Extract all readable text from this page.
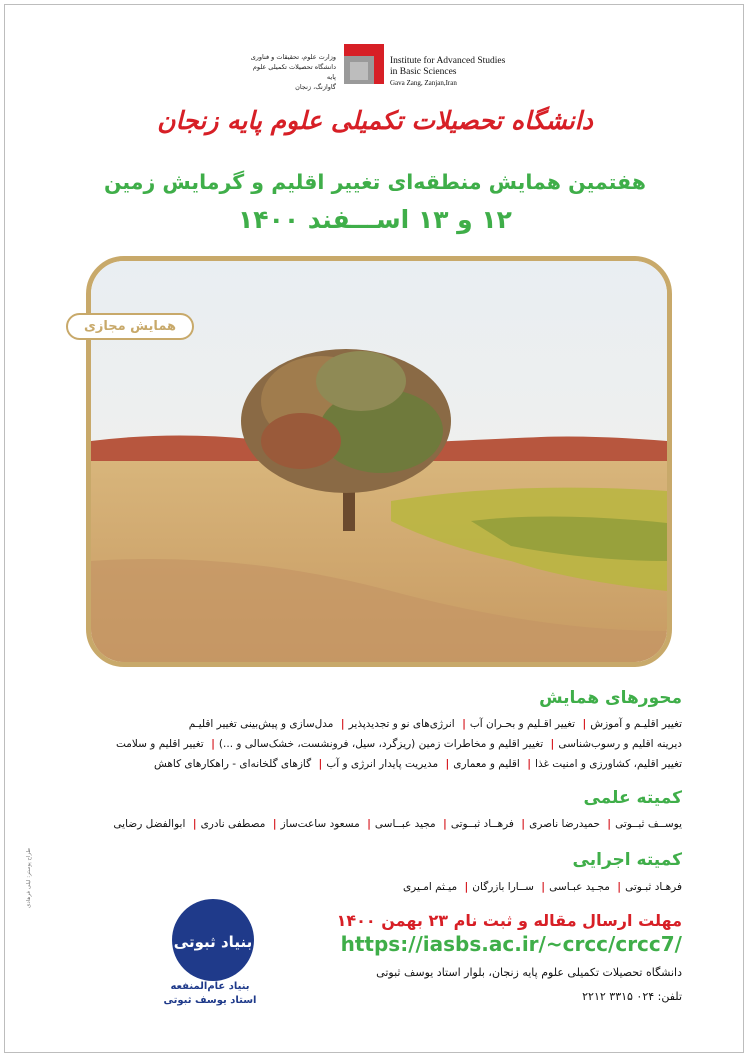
وزارت علوم، تحقیقات و فناوری
دانشگاه تحصیلات تکمیلی علوم پایه
گاوازنگ، زنجان
Institute for Advanced Studies
in Basic Sciences
Gava Zang, Zanjan,Iran
دانشگاه تحصیلات تکمیلی علوم پایه زنجان
هفتمین همایش منطقه‌ای تغییر اقلیم و گرمایش زمین
۱۲ و ۱۳ اســـفند ۱۴۰۰
همایش مجازی
محورهای همایش
تغییر اقلیـم و آموزش| تغییر اقـلیم و بحـران آب| انرژی‌های نو و تجدیدپذیر| مدل‌سازی و پیش‌بینی تغییر اقلیـم
دیرینه اقلیم و رسوب‌شناسی| تغییر اقلیم و مخاطرات زمین (ریزگرد، سیل، فرونشست، خشک‌سالی و ...)| تغییر اقلیم و سلامت
تغییر اقلیم، کشاورزی و امنیت غذا| اقلیم و معماری| مدیریت پایدار انرژی و آب| گازهای گلخانه‌ای - راهکارهای کاهش
کمیته علمی
یوســف ثبــوتی| حمیدرضا ناصری| فرهــاد ثبــوتی| مجید عبــاسی| مسعود ساعت‌ساز| مصطفی نادری| ابوالفضل رضایی
کمیته اجرایی
فرهـاد ثبـوتی| مجـید عبـاسی| ســارا بازرگان| میـثم امـیری
مهلت ارسال مقاله و ثبت نام ۲۳ بهمن ۱۴۰۰
https://iasbs.ac.ir/~crcc/crcc7/
دانشگاه تحصیلات تکمیلی علوم پایه زنجان، بلوار استاد یوسف ثبوتی
تلفن: ۰۲۴ ۳۳۱۵ ۲۲۱۲
بنیاد ثبوتی
بنیاد عام‌المنفعه
استاد یوسف ثبوتی
طراح پوستر: لیلی فرهادی
